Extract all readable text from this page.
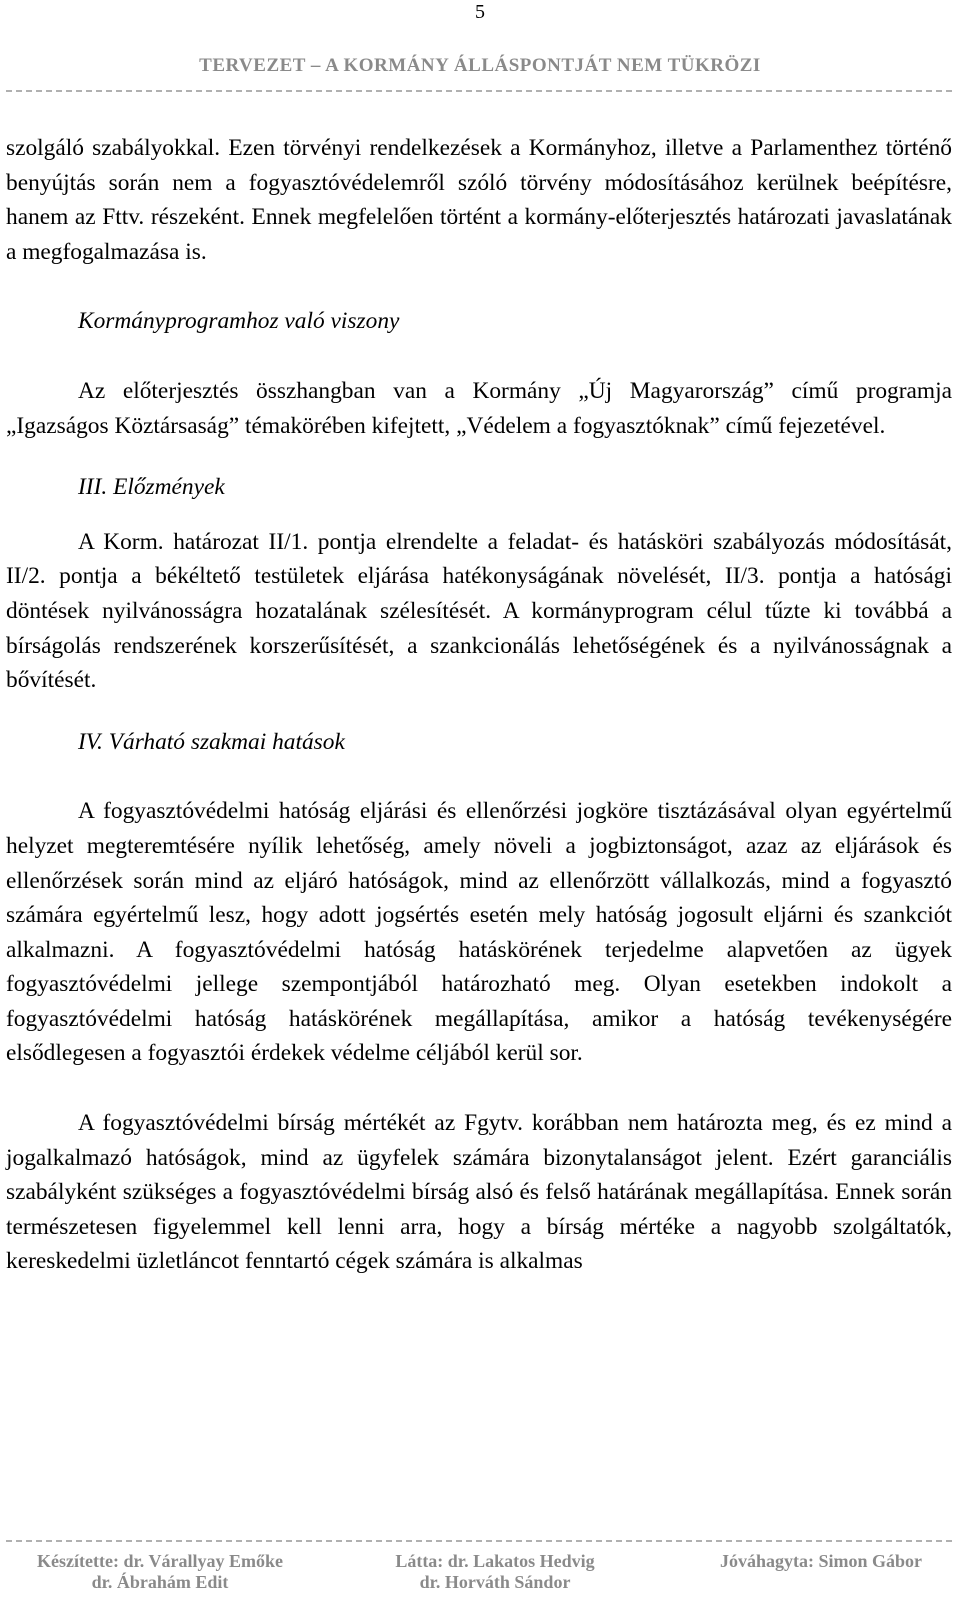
5
TERVEZET – A KORMÁNY ÁLLÁSPONTJÁT NEM TÜKRÖZI

szolgáló szabályokkal. Ezen törvényi rendelkezések a Kormányhoz, illetve a Parlamenthez történő benyújtás során nem a fogyasztóvédelemről szóló törvény módosításához kerülnek beépítésre, hanem az Fttv. részeként. Ennek megfelelően történt a kormány-előterjesztés határozati javaslatának a megfogalmazása is.

Kormányprogramhoz való viszony

Az előterjesztés összhangban van a Kormány „Új Magyarország” című programja „Igazságos Köztársaság” témakörében kifejtett, „Védelem a fogyasztóknak” című fejezetével.

III. Előzmények

A Korm. határozat II/1. pontja elrendelte a feladat- és hatásköri szabályozás módosítását, II/2. pontja a békéltető testületek eljárása hatékonyságának növelését, II/3. pontja a hatósági döntések nyilvánosságra hozatalának szélesítését. A kormányprogram célul tűzte ki továbbá a bírságolás rendszerének korszerűsítését, a szankcionálás lehetőségének és a nyilvánosságnak a bővítését.

IV. Várható szakmai hatások

A fogyasztóvédelmi hatóság eljárási és ellenőrzési jogköre tisztázásával olyan egyértelmű helyzet megteremtésére nyílik lehetőség, amely növeli a jogbiztonságot, azaz az eljárások és ellenőrzések során mind az eljáró hatóságok, mind az ellenőrzött vállalkozás, mind a fogyasztó számára egyértelmű lesz, hogy adott jogsértés esetén mely hatóság jogosult eljárni és szankciót alkalmazni. A fogyasztóvédelmi hatóság hatáskörének terjedelme alapvetően az ügyek fogyasztóvédelmi jellege szempontjából határozható meg. Olyan esetekben indokolt a fogyasztóvédelmi hatóság hatáskörének megállapítása, amikor a hatóság tevékenységére elsődlegesen a fogyasztói érdekek védelme céljából kerül sor.

A fogyasztóvédelmi bírság mértékét az Fgytv. korábban nem határozta meg, és ez mind a jogalkalmazó hatóságok, mind az ügyfelek számára bizonytalanságot jelent. Ezért garanciális szabályként szükséges a fogyasztóvédelmi bírság alsó és felső határának megállapítása. Ennek során természetesen figyelemmel kell lenni arra, hogy a bírság mértéke a nagyobb szolgáltatók, kereskedelmi üzletláncot fenntartó cégek számára is alkalmas

Készítette: dr. Várallyay Emőke
dr. Ábrahám Edit
Látta: dr. Lakatos Hedvig
dr. Horváth Sándor
Jóváhagyta: Simon Gábor
